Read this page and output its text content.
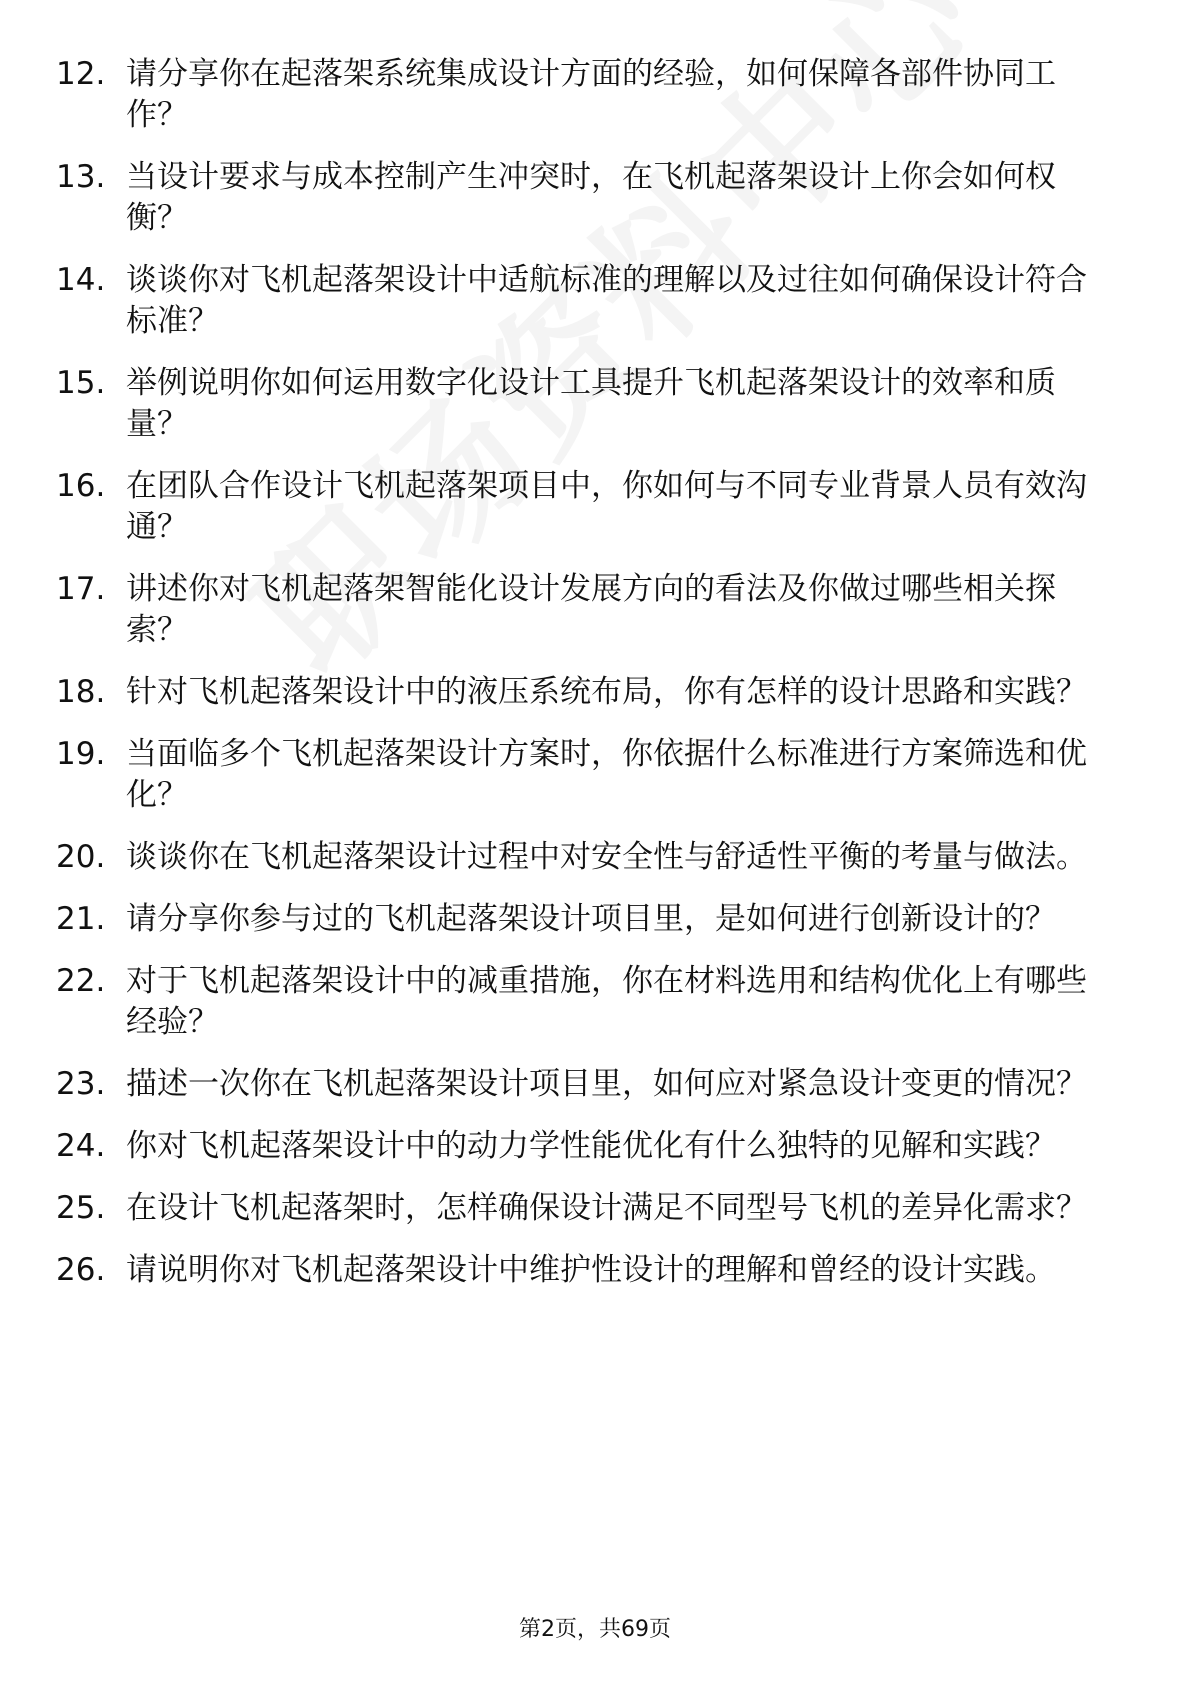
12. 请分享你在起落架系统集成设计方面的经验，如何保障各部件协同工作？
13. 当设计要求与成本控制产生冲突时，在飞机起落架设计上你会如何权衡？
14. 谈谈你对飞机起落架设计中适航标准的理解以及过往如何确保设计符合标准？
15. 举例说明你如何运用数字化设计工具提升飞机起落架设计的效率和质量？
16. 在团队合作设计飞机起落架项目中，你如何与不同专业背景人员有效沟通？
17. 讲述你对飞机起落架智能化设计发展方向的看法及你做过哪些相关探索？
18. 针对飞机起落架设计中的液压系统布局，你有怎样的设计思路和实践？
19. 当面临多个飞机起落架设计方案时，你依据什么标准进行方案筛选和优化？
20. 谈谈你在飞机起落架设计过程中对安全性与舒适性平衡的考量与做法。
21. 请分享你参与过的飞机起落架设计项目里，是如何进行创新设计的？
22. 对于飞机起落架设计中的减重措施，你在材料选用和结构优化上有哪些经验？
23. 描述一次你在飞机起落架设计项目里，如何应对紧急设计变更的情况？
24. 你对飞机起落架设计中的动力学性能优化有什么独特的见解和实践？
25. 在设计飞机起落架时，怎样确保设计满足不同型号飞机的差异化需求？
26. 请说明你对飞机起落架设计中维护性设计的理解和曾经的设计实践。
第2页，共69页
